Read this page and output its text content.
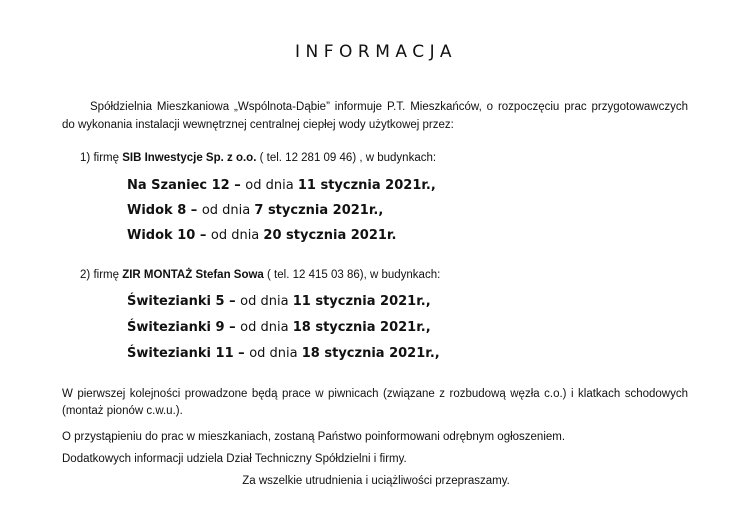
INFORMACJA
Spółdzielnia Mieszkaniowa „Wspólnota-Dąbie” informuje P.T. Mieszkańców, o rozpoczęciu prac przygotowawczych do wykonania instalacji wewnętrznej centralnej ciepłej wody użytkowej przez:
1) firmę SIB Inwestycje Sp. z o.o. ( tel. 12 281 09 46) , w budynkach:
Na Szaniec 12 – od dnia 11 stycznia 2021r.,
Widok 8 – od dnia 7 stycznia 2021r.,
Widok 10 – od dnia 20 stycznia 2021r.
2) firmę ZIR MONTAŻ Stefan Sowa ( tel. 12 415 03 86), w budynkach:
Świtezianki 5 – od dnia 11 stycznia 2021r.,
Świtezianki 9 – od dnia 18 stycznia 2021r.,
Świtezianki 11 – od dnia 18 stycznia 2021r.,
W pierwszej kolejności prowadzone będą prace w piwnicach (związane z rozbudową węzła c.o.) i klatkach schodowych (montaż pionów c.w.u.).
O przystąpieniu do prac w mieszkaniach, zostaną Państwo poinformowani odrębnym ogłoszeniem.
Dodatkowych informacji udziela Dział Techniczny Spółdzielni i firmy.
Za wszelkie utrudnienia i uciążliwości przepraszamy.
